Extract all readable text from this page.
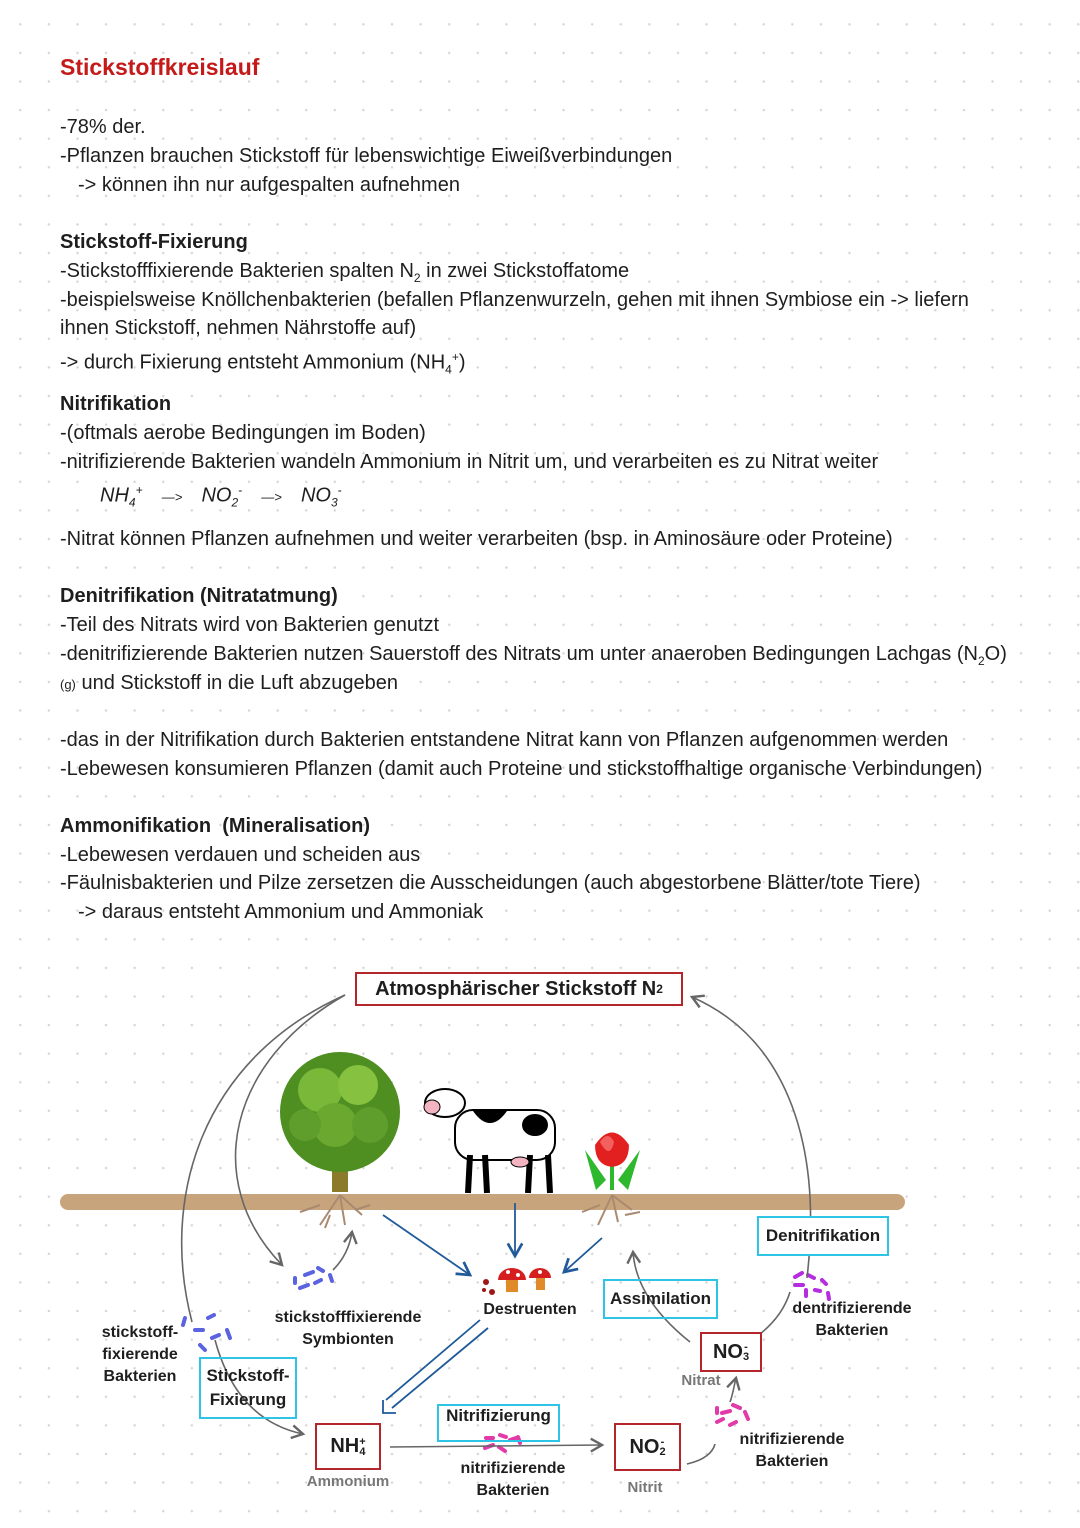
Stickstoffkreislauf
-78% der.
-Pflanzen brauchen Stickstoff für lebenswichtige Eiweißverbindungen
-> können ihn nur aufgespalten aufnehmen
Stickstoff-Fixierung
-Stickstofffixierende Bakterien spalten $N_2$ in zwei Stickstoffatome
-beispielsweise Knöllchenbakterien (befallen Pflanzenwurzeln, gehen mit ihnen Symbiose ein -> liefern
ihnen Stickstoff, nehmen Nährstoffe auf)
-> durch Fixierung entsteht Ammonium $(NH_4^+)$
Nitrifikation
-(oftmals aerobe Bedingungen im Boden)
-nitrifizierende Bakterien wandeln Ammonium in Nitrit um, und verarbeiten es zu Nitrat weiter
$NH_4^+$ —> $NO_2^-$ —> $NO_3^-$
-Nitrat können Pflanzen aufnehmen und weiter verarbeiten (bsp. in Aminosäure oder Proteine)
Denitrifikation (Nitratatmung)
-Teil des Nitrats wird von Bakterien genutzt
-denitrifizierende Bakterien nutzen Sauerstoff des Nitrats um unter anaeroben Bedingungen Lachgas $(N_2O)$
(g) und Stickstoff in die Luft abzugeben
-das in der Nitrifikation durch Bakterien entstandene Nitrat kann von Pflanzen aufgenommen werden
-Lebewesen konsumieren Pflanzen (damit auch Proteine und stickstoffhaltige organische Verbindungen)
Ammonifikation  (Mineralisation)
-Lebewesen verdauen und scheiden aus
-Fäulnisbakterien und Pilze zersetzen die Ausscheidungen (auch abgestorbene Blätter/tote Tiere)
-> daraus entsteht Ammonium und Ammoniak
Atmosphärischer Stickstoff N 2
Denitrifikation
Assimilation
Stickstoff-
Fixierung
Nitrifizierung
NH +
4
Ammonium
NO -
2
Nitrit
NO -
3
Nitrat
Destruenten
stickstofffixierende
Symbionten
stickstoff-
fixierende
Bakterien
dentrifizierende
Bakterien
nitrifizierende
Bakterien
nitrifizierende
Bakterien
